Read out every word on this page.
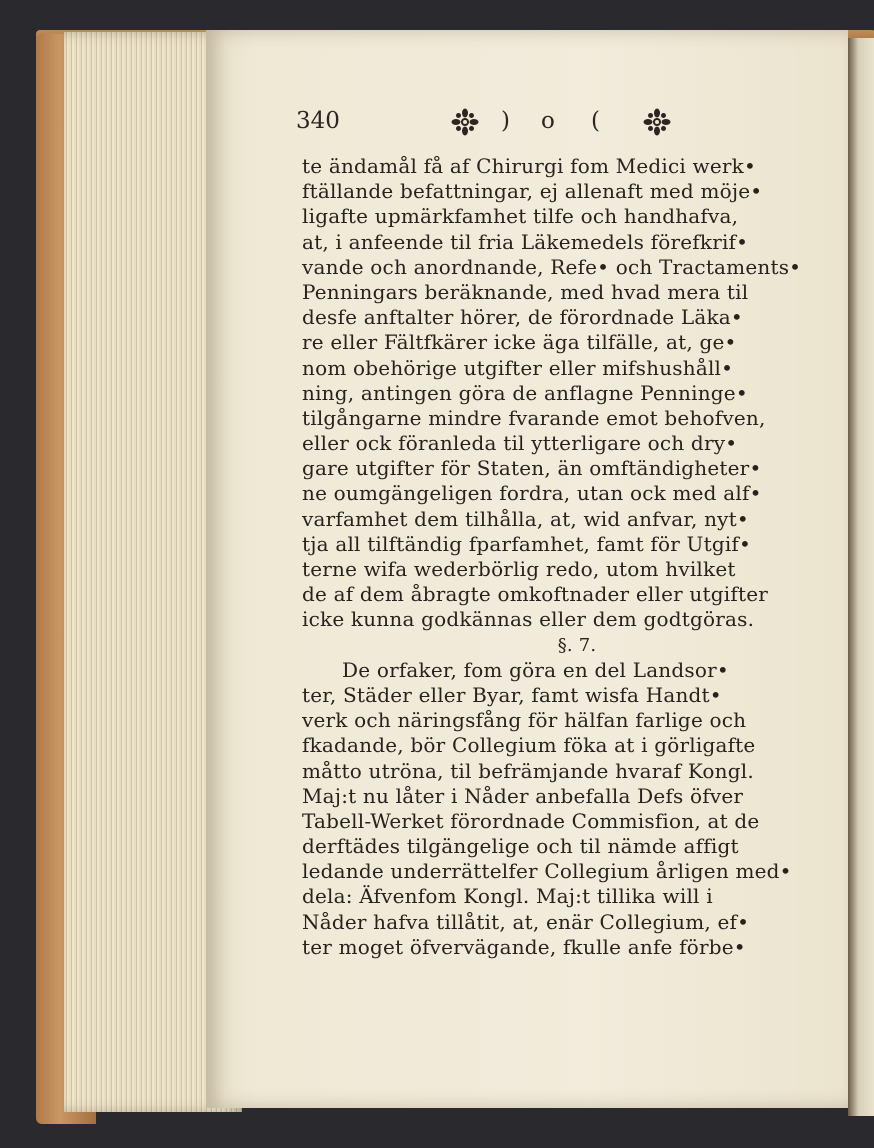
340	) o (
te ändamål få af Chirurgi fom Medici werk•
ftällande befattningar, ej allenaft med möje•
ligafte upmärkfamhet tilfe och handhafva,
at, i anfeende til fria Läkemedels förefkrif•
vande och anordnande, Refe• och Tractaments•
Penningars beräknande, med hvad mera til
desfe anftalter hörer, de förordnade Läka•
re eller Fältfkärer icke äga tilfälle, at, ge•
nom obehörige utgifter eller mifshushåll•
ning, antingen göra de anflagne Penninge•
tilgångarne mindre fvarande emot behofven,
eller ock föranleda til ytterligare och dry•
gare utgifter för Staten, än omftändigheter•
ne oumgängeligen fordra, utan ock med alf•
varfamhet dem tilhålla, at, wid anfvar, nyt•
tja all tilftändig fparfamhet, famt för Utgif•
terne wifa wederbörlig redo, utom hvilket
de af dem åbragte omkoftnader eller utgifter
icke kunna godkännas eller dem godtgöras.
§. 7.
De orfaker, fom göra en del Landsor•
ter, Städer eller Byar, famt wisfa Handt•
verk och näringsfång för hälfan farlige och
fkadande, bör Collegium föka at i görligafte
måtto utröna, til befrämjande hvaraf Kongl.
Maj:t nu låter i Nåder anbefalla Defs öfver
Tabell-Werket förordnade Commisfion, at de
derftädes tilgängelige och til nämde affigt
ledande underrättelfer Collegium årligen med•
dela: Äfvenfom Kongl. Maj:t tillika will i
Nåder hafva tillåtit, at, enär Collegium, ef•
ter moget öfvervägande, fkulle anfe förbe•
